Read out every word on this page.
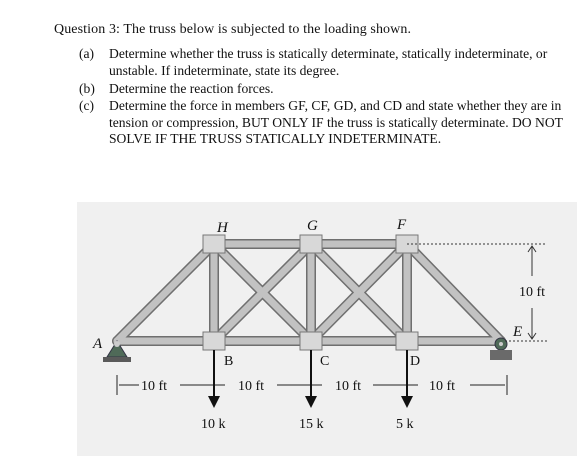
Question 3: The truss below is subjected to the loading shown.
(a) Determine whether the truss is statically determinate, statically indeterminate, or unstable. If indeterminate, state its degree.
(b) Determine the reaction forces.
(c) Determine the force in members GF, CF, GD, and CD and state whether they are in tension or compression, BUT ONLY IF the truss is statically determinate. DO NOT SOLVE IF THE TRUSS STATICALLY INDETERMINATE.
A
H	G	F
E
B	C	D
10 ft
10 ft	10 ft	10 ft	10 ft
10 k	15 k	5 k
